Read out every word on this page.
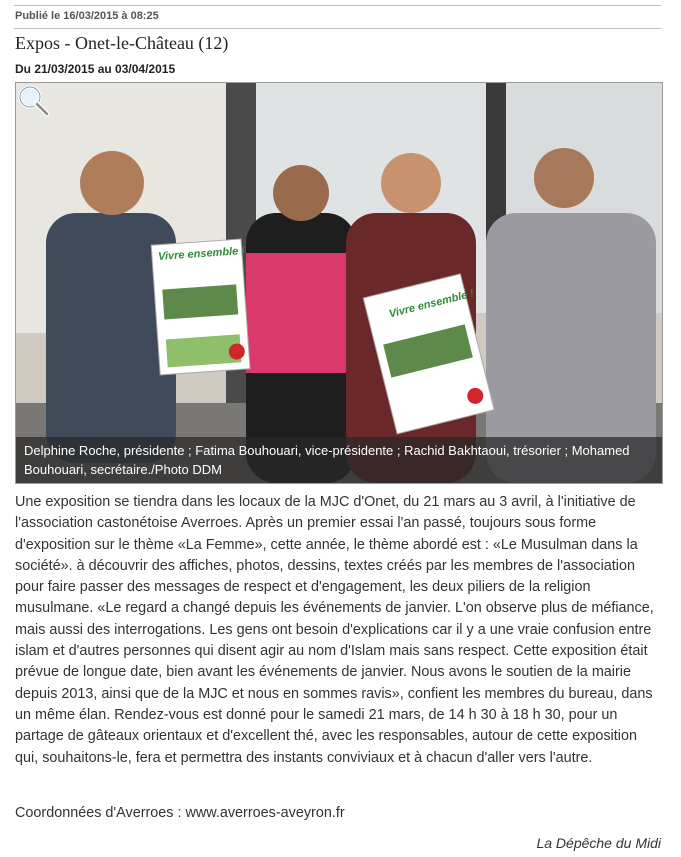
Publié le 16/03/2015 à 08:25
Expos - Onet-le-Château (12)
Du 21/03/2015 au 03/04/2015
Vivre ensemble !
Vivre ensemble !
Delphine Roche, présidente ; Fatima Bouhouari, vice-présidente ; Rachid Bakhtaoui, trésorier ; Mohamed Bouhouari, secrétaire./Photo DDM

Une exposition se tiendra dans les locaux de la MJC d'Onet, du 21 mars au 3 avril, à l'initiative de l'association castonétoise Averroes. Après un premier essai l'an passé, toujours sous forme d'exposition sur le thème «La Femme», cette année, le thème abordé est : «Le Musulman dans la société». à découvrir des affiches, photos, dessins, textes créés par les membres de l'association pour faire passer des messages de respect et d'engagement, les deux piliers de la religion musulmane. «Le regard a changé depuis les événements de janvier. L'on observe plus de méfiance, mais aussi des interrogations. Les gens ont besoin d'explications car il y a une vraie confusion entre islam et d'autres personnes qui disent agir au nom d'Islam mais sans respect. Cette exposition était prévue de longue date, bien avant les événements de janvier. Nous avons le soutien de la mairie depuis 2013, ainsi que de la MJC et nous en sommes ravis», confient les membres du bureau, dans un même élan. Rendez-vous est donné pour le samedi 21 mars, de 14 h 30 à 18 h 30, pour un partage de gâteaux orientaux et d'excellent thé, avec les responsables, autour de cette exposition qui, souhaitons-le, fera et permettra des instants conviviaux et à chacun d'aller vers l'autre.

Coordonnées d'Averroes : www.averroes-aveyron.fr
La Dépêche du Midi
